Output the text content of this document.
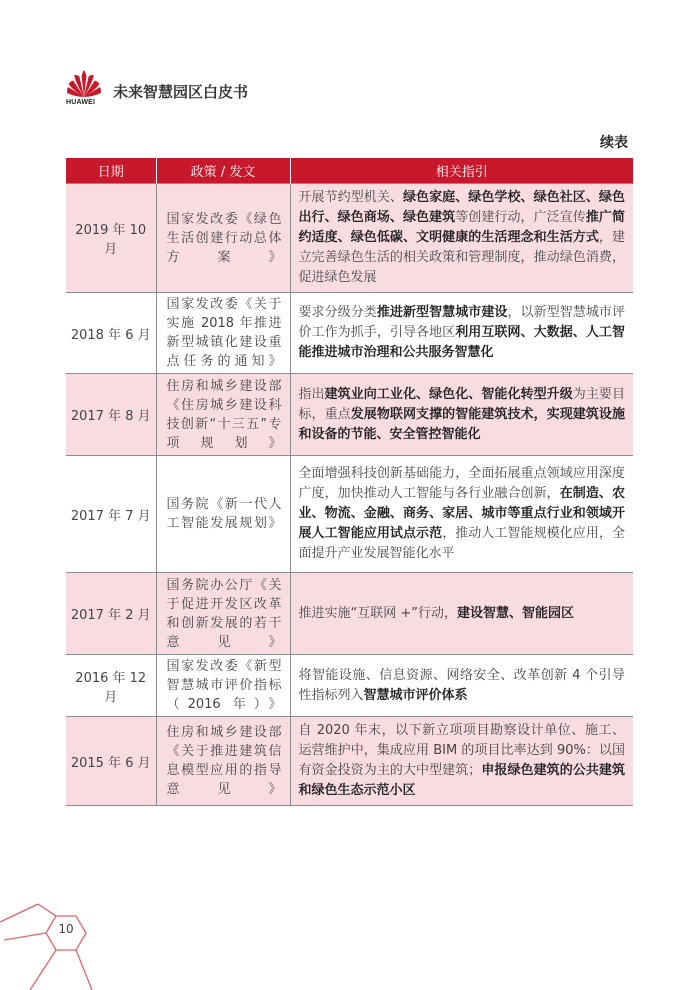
HUAWEI
未来智慧园区白皮书
续表
日期	政策 / 发文	相关指引
2019 年 10 月	国家发改委《绿色生活创建行动总体方案》	开展节约型机关、绿色家庭、绿色学校、绿色社区、绿色出行、绿色商场、绿色建筑等创建行动，广泛宣传推广简约适度、绿色低碳、文明健康的生活理念和生活方式，建立完善绿色生活的相关政策和管理制度，推动绿色消费，促进绿色发展
2018 年 6 月	国家发改委《关于实施 2018 年推进新型城镇化建设重点任务的通知》	要求分级分类推进新型智慧城市建设，以新型智慧城市评价工作为抓手，引导各地区利用互联网、大数据、人工智能推进城市治理和公共服务智慧化
2017 年 8 月	住房和城乡建设部《住房城乡建设科技创新“十三五”专项规划》	指出建筑业向工业化、绿色化、智能化转型升级为主要目标，重点发展物联网支撑的智能建筑技术，实现建筑设施和设备的节能、安全管控智能化
2017 年 7 月	国务院《新一代人工智能发展规划》	全面增强科技创新基础能力，全面拓展重点领域应用深度广度，加快推动人工智能与各行业融合创新，在制造、农业、物流、金融、商务、家居、城市等重点行业和领域开展人工智能应用试点示范，推动人工智能规模化应用，全面提升产业发展智能化水平
2017 年 2 月	国务院办公厅《关于促进开发区改革和创新发展的若干意见》	推进实施“互联网 +”行动，建设智慧、智能园区
2016 年 12 月	国家发改委《新型智慧城市评价指标（2016 年）》	将智能设施、信息资源、网络安全、改革创新 4 个引导性指标列入智慧城市评价体系
2015 年 6 月	住房和城乡建设部《关于推进建筑信息模型应用的指导意见》	自 2020 年末，以下新立项项目勘察设计单位、施工、运营维护中，集成应用 BIM 的项目比率达到 90%：以国有资金投资为主的大中型建筑；申报绿色建筑的公共建筑和绿色生态示范小区
10
